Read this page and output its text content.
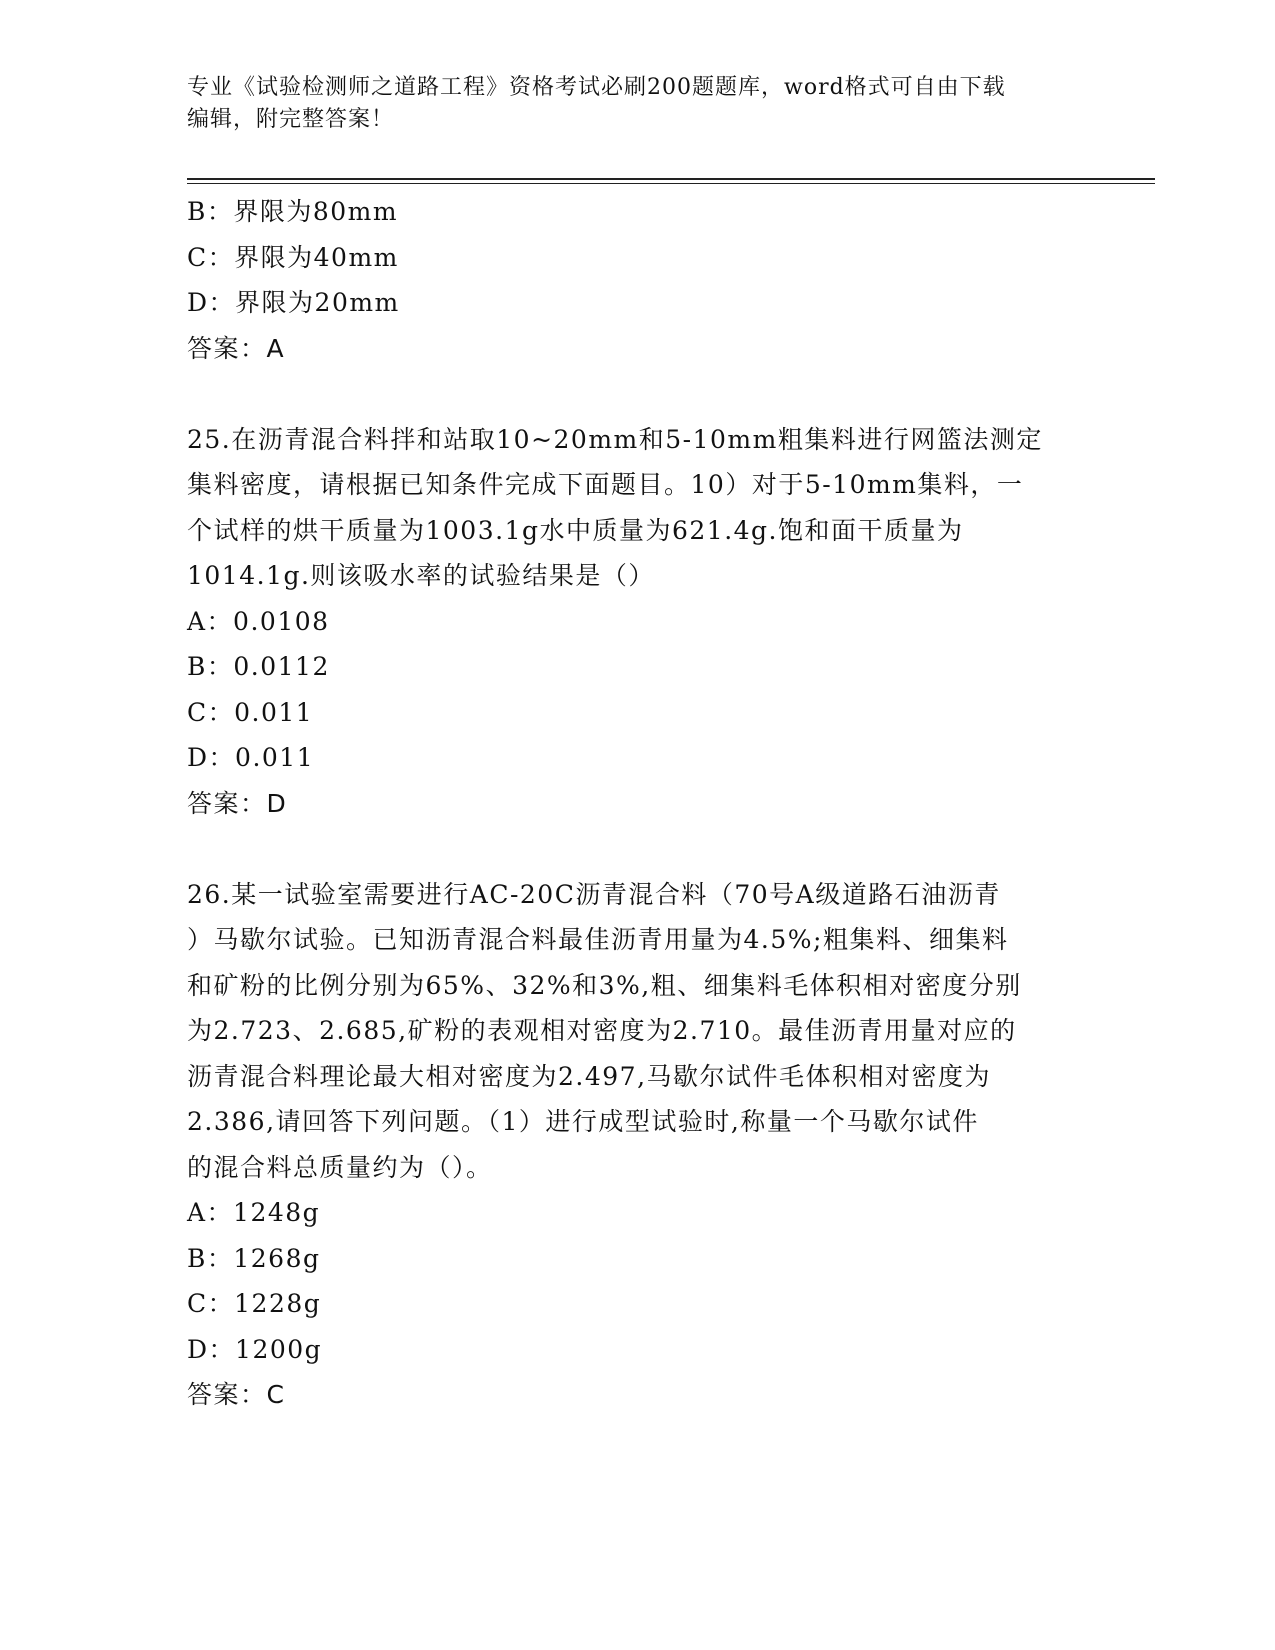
专业《试验检测师之道路工程》资格考试必刷200题题库，word格式可自由下载
编辑，附完整答案！
B：界限为80mm
C：界限为40mm
D：界限为20mm
答案：A
25.在沥青混合料拌和站取10~20mm和5-10mm粗集料进行网篮法测定
集料密度，请根据已知条件完成下面题目。10）对于5-10mm集料，一
个试样的烘干质量为1003.1g水中质量为621.4g.饱和面干质量为
1014.1g.则该吸水率的试验结果是（）
A：0.0108
B：0.0112
C：0.011
D：0.011
答案：D
26.某一试验室需要进行AC-20C沥青混合料（70号A级道路石油沥青
）马歇尔试验。已知沥青混合料最佳沥青用量为4.5%;粗集料、细集料
和矿粉的比例分别为65%、32%和3%,粗、细集料毛体积相对密度分别
为2.723、2.685,矿粉的表观相对密度为2.710。最佳沥青用量对应的
沥青混合料理论最大相对密度为2.497,马歇尔试件毛体积相对密度为
2.386,请回答下列问题。（1）进行成型试验时,称量一个马歇尔试件
的混合料总质量约为（）。
A：1248g
B：1268g
C：1228g
D：1200g
答案：C
